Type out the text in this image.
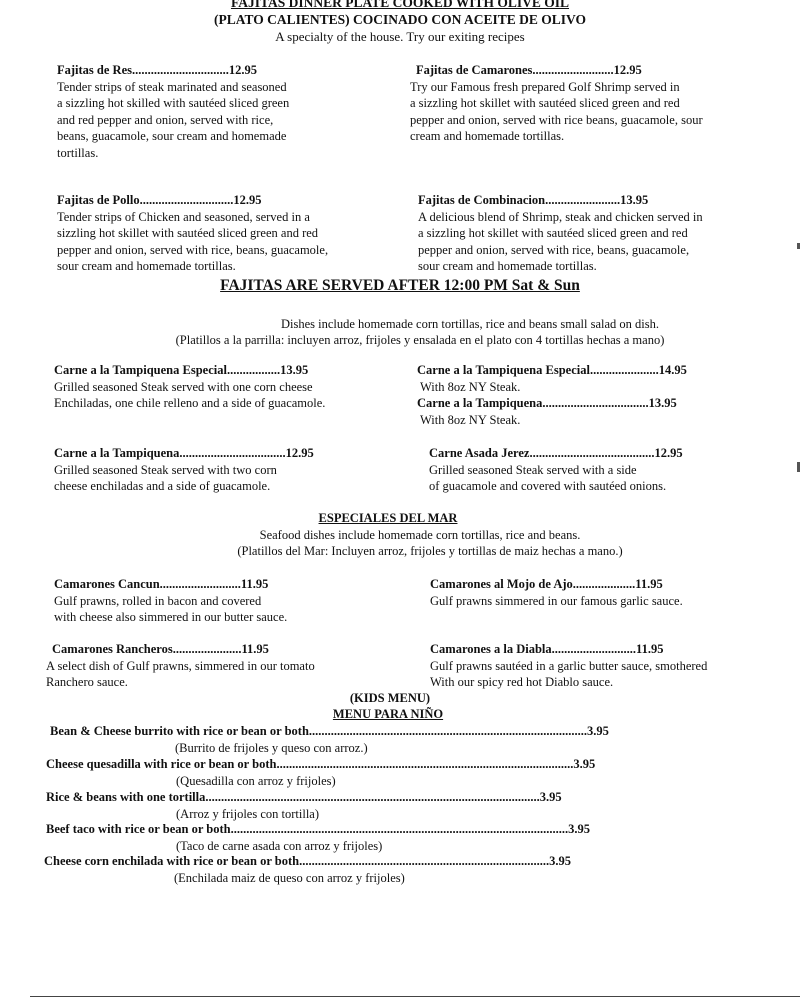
FAJITAS DINNER PLATE COOKED WITH OLIVE OIL
(PLATO CALIENTES) COCINADO CON ACEITE DE OLIVO
A specialty of the house. Try our exiting recipes
Fajitas de Res...............................12.95
Tender strips of steak marinated and seasoned
a sizzling hot skilled with sautéed sliced green
and red pepper and onion, served with rice,
beans, guacamole, sour cream and homemade
tortillas.
Fajitas de Camarones..........................12.95
Try our Famous fresh prepared Golf Shrimp served in
a sizzling hot skillet with sautéed sliced green and red
pepper and onion, served with rice beans, guacamole, sour
cream and homemade tortillas.
Fajitas de Pollo..............................12.95
Tender strips of Chicken and seasoned, served in a
sizzling hot skillet with sautéed sliced green and red
pepper and onion, served with rice, beans, guacamole,
sour cream and homemade tortillas.
Fajitas de Combinacion........................13.95
A delicious blend of Shrimp, steak and chicken served in
a sizzling hot skillet with sautéed sliced green and red
pepper and onion, served with rice, beans, guacamole,
sour cream and homemade tortillas.
FAJITAS ARE SERVED AFTER 12:00 PM Sat & Sun
Dishes include homemade corn tortillas, rice and beans small salad on dish.
(Platillos a la parrilla: incluyen arroz, frijoles y ensalada en el plato con 4 tortillas hechas a mano)
Carne a la Tampiquena Especial.................13.95
Grilled seasoned Steak served with one corn cheese
Enchiladas, one chile relleno and a side of guacamole.
Carne a la Tampiquena Especial......................14.95
With 8oz NY Steak.
Carne a la Tampiquena..................................13.95
With 8oz NY Steak.
Carne a la Tampiquena..................................12.95
Grilled seasoned Steak served with two corn
cheese enchiladas and a side of guacamole.
Carne Asada Jerez........................................12.95
Grilled seasoned Steak served with a side
of guacamole and covered with sautéed onions.
ESPECIALES DEL MAR
Seafood dishes include homemade corn tortillas, rice and beans.
(Platillos del Mar: Incluyen arroz, frijoles y tortillas de maiz hechas a mano.)
Camarones Cancun..........................11.95
Gulf prawns, rolled in bacon and covered
with cheese also simmered in our butter sauce.
Camarones al Mojo de Ajo....................11.95
Gulf prawns simmered in our famous garlic sauce.
Camarones Rancheros......................11.95
A select dish of Gulf prawns, simmered in our tomato
Ranchero sauce.
Camarones a la Diabla...........................11.95
Gulf prawns sautéed in a garlic butter sauce, smothered
With our spicy red hot Diablo sauce.
(KIDS MENU)
MENU PARA NIÑO
Bean & Cheese burrito with rice or bean or both.........................................................................................3.95
(Burrito de frijoles y queso con arroz.)
Cheese quesadilla with rice or bean or both...............................................................................................3.95
(Quesadilla con arroz y frijoles)
Rice & beans with one tortilla...........................................................................................................3.95
(Arroz y frijoles con tortilla)
Beef taco with rice or bean or both............................................................................................................3.95
(Taco de carne asada con arroz y frijoles)
Cheese corn enchilada with rice or bean or both................................................................................3.95
(Enchilada maiz de queso con arroz y frijoles)
